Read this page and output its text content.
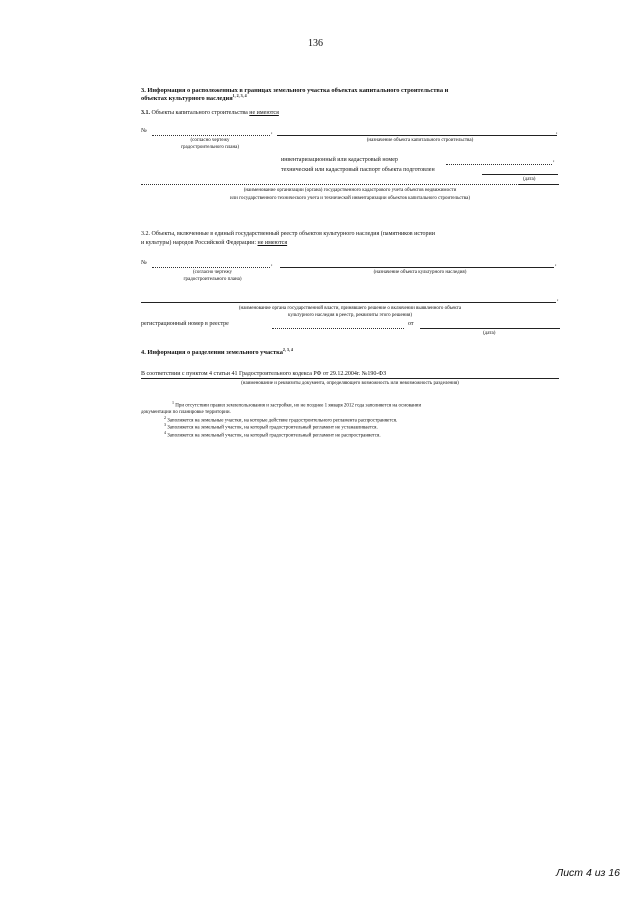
136
3. Информация о расположенных в границах земельного участка объектах капитального строительства и
объектах культурного наследия$^{1, 2, 3, 4}$
3.1. Объекты капитального строительства не имеются
№	,	,
(согласно чертежу
градостроительного плана)
(назначение объекта капитального строительства)
инвентаризационный или кадастровый номер	,
технический или кадастровый паспорт объекта подготовлен
(дата)
(наименование организации (органа) государственного кадастрового учета объектов недвижимости
или государственного технического учета и технической инвентаризации объектов капитального строительства)
3.2. Объекты, включенные в единый государственный реестр объектов культурного наследия (памятников истории
и культуры) народов Российской Федерации: не имеются
№	,	,
(согласно чертежу
градостроительного плана)
(назначение объекта культурного наследия)
,
(наименование органа государственной власти, принявшего решение о включении выявленного объекта
культурного наследия в реестр, реквизиты этого решения)
регистрационный номер в реестре	от
(дата)
4. Информация о разделении земельного участка$^{2, 3, 4}$
В соответствии с пунктом 4 статьи 41 Градостроительного кодекса РФ от 29.12.2004г. №190-ФЗ
(наименование и реквизиты документа, определяющего возможность или невозможность разделения)
$^1$ При отсутствии правил землепользования и застройки, но не позднее 1 января 2012 года заполняется на основании
документации по планировке территории.
$^2$ Заполняется на земельные участки, на которые действие градостроительного регламента распространяется.
$^3$ Заполняется на земельный участок, на который градостроительный регламент не устанавливается.
$^4$ Заполняется на земельный участок, на который градостроительный регламент не распространяется.
Лист 4 из 16
